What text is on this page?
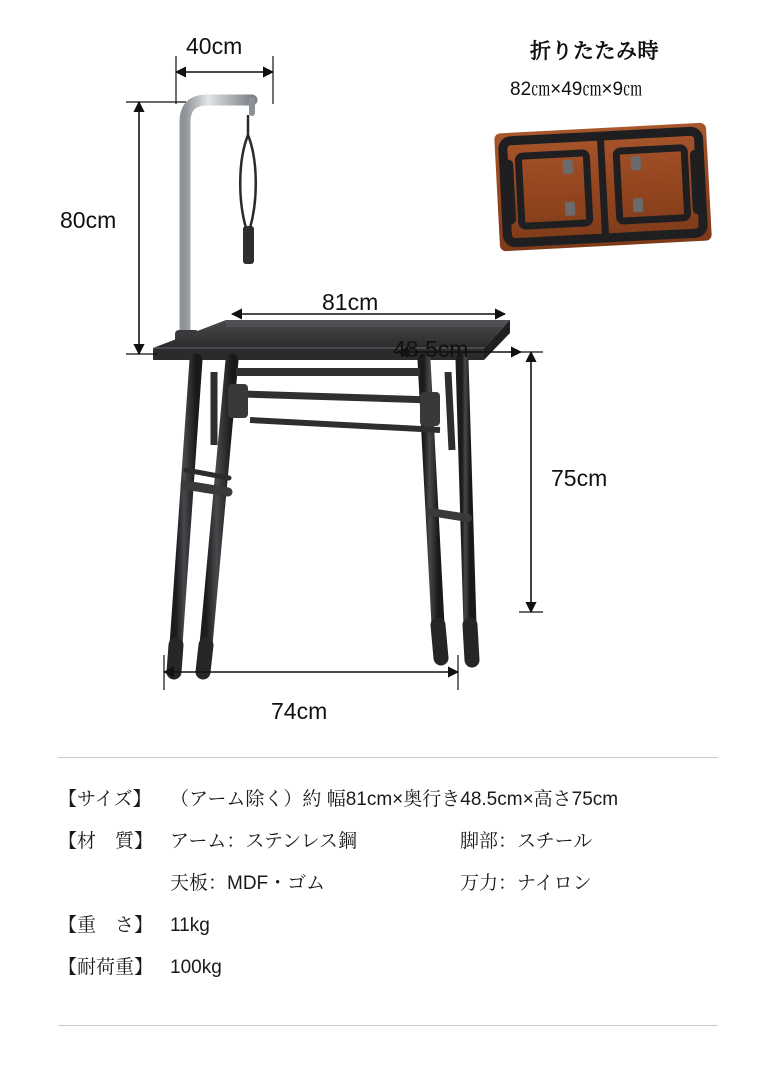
40cm
80cm
81cm
48.5cm
75cm
74cm
折りたたみ時
82㎝×49㎝×9㎝
【サイズ】 （アーム除く）約 幅81cm×奥行き48.5cm×高さ75cm
【材　質】 アーム：ステンレス鋼	脚部：スチール
天板：MDF・ゴム	万力：ナイロン
【重　さ】 11kg
【耐荷重】 100kg
